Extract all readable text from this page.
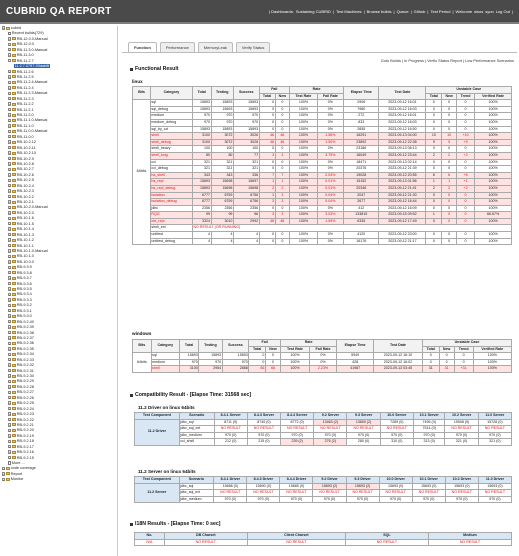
CUBRID QA REPORT	| Dashboards: Sustaining CUBRID | Test Machines | Browse builds | Queue | Github | Test Period | Welcome sisos syun Log Out |
+ cubrid
Recent builds(729)
+ RB-12.0.0-Manual
+ RB-12.0.0
+ RB-11.3.0-Manual
+ RB-11.3.0
− RB-11.2.7
11.2.7.0797-93dab8f
+ RB-11.2.6
+ RB-11.2.5
+ RB-11.2.4-Manual
+ RB-11.2.4
+ RB-11.2.3-Manual
+ RB-11.2.3
+ RB-11.2.2
+ RB-11.2.1
+ RB-11.2.0
+ RB-11.1.0-Manual
+ RB-11.1.0
+ RB-11.0.0-Manual
+ RB-11.0.0
+ RB-10.2.12
+ RB-10.2.11
+ RB-10.2.10
+ RB-10.2.9
+ RB-10.2.8
+ RB-10.2.7
+ RB-10.2.6
+ RB-10.2.5
+ RB-10.2.4
+ RB-10.2.3
+ RB-10.2.2
+ RB-10.2.1
+ RB-10.2.0-Manual
+ RB-10.2.0
+ RB-10.1.6
+ RB-10.1.5
+ RB-10.1.4
+ RB-10.1.3
+ RB-10.1.2
+ RB-10.1.1
+ RB-10.1.0-Manual
+ RB-10.1.0
+ RB-10.0.0
+ RB-9.3.9
+ RB-9.3.8
+ RB-9.3.7
+ RB-9.3.6
+ RB-9.3.5
+ RB-9.3.4
+ RB-9.3.3
+ RB-9.3.2
+ RB-9.3.1
+ RB-9.3.0
+ RB-9.2.40
+ RB-9.2.39
+ RB-9.2.38
+ RB-9.2.37
+ RB-9.2.36
+ RB-9.2.35
+ RB-9.2.34
+ RB-9.2.33
+ RB-9.2.32
+ RB-9.2.31
+ RB-9.2.30
+ RB-9.2.29
+ RB-9.2.28
+ RB-9.2.27
+ RB-9.2.26
+ RB-9.2.25
+ RB-9.2.24
+ RB-9.2.23
+ RB-9.2.22
+ RB-9.2.21
+ RB-9.2.20
+ RB-9.2.19
+ RB-9.2.18
+ RB-9.2.17
+ RB-9.2.16
+ RB-9.2.15
More ...
+ code coverage
+ Report
+ Monitor
Function	Performance	MemoryLeak	Verify Status
Goto Builds | In Progress | Verfiu Status Report | Low Performance Scenarios
Functional Result
linux
Bits	Category	Total	Testing	Success	Fail		Rate		Elapse Time	Test Date	Unstable Case			
					Total	New	Test Rate	Fail Rate			Total	New	Trend	Verified Rate
64bits	sql	15893	15893	15893	0	0	100%	0%	2906	2023-09-12 16:01	0	0	0	100%
	sql_debug	15893	15893	15893	0	0	100%	0%	7980	2023-09-12 16:03	0	0	0	100%
	medium	970	970	970	0	0	100%	0%	272	2023-09-12 16:01	0	0	0	100%
	medium_debug	970	970	970	0	0	100%	0%	833	2023-09-12 16:03	0	0	0	100%
	sql_by_cci	15893	15893	15893	0	0	100%	0%	2655	2023-09-12 16:50	0	0	0	100%
	shell	3100	3072	3026	46	46	100%	1.56%	16291	2023-09-13 04:00	10	10	+10	100%
	shell_debug	3100	3072	3026	46	46	100%	1.50%	23892	2023-09-12 22:38	9	9	+9	100%
	shell_heavy	100	100	100	0	0	100%	0%	23186	2023-09-13 06:13	0	0	0	100%
	shell_long	80	80	77	3	3	100%	3.75%	16049	2023-09-12 23:44	2	2	+2	100%
	cci	321	321	321	0	0	100%	0%	18471	2023-09-13 02:14	0	0	0	100%
	cci_debug	321	321	321	0	0	100%	0%	20376	2023-09-12 21:39	0	0	0	100%
	ha_shell	343	343	336	7	7	100%	2.04%	19028	2023-09-12 20:55	6	6	+6	100%
	ha_repl	15893	15698	15697	1	1	100%	0.01%	15152	2023-09-13 01:56	1	1	+1	100%
	ha_repl_debug	15893	15698	15698	2	2	100%	0.01%	20346	2023-09-12 21:41	2	2	+2	100%
	isolation	6777	6759	6756	3	3	100%	0.04%	2047	2023-09-12 21:30	0	0	0	100%
	isolation_debug	6777	6759	6756	3	3	100%	0.04%	2677	2023-09-12 16:44	0	0	0	100%
	jdbc	2356	2356	2356	0	0	100%	0%	412	2023-09-12 16:09	0	0	0	100%
	RQG	99	99	96	3	3	100%	3.03%	133815	2023-09-15 09:52	1	0	0	66.67%
	cbr_repl	3324	3010	2992	48	48	100%	1.59%	6335	2023-09-12 17:49	0	0	0	100%
	shell_ext	NO RESULT (OR RUNNING)												
	unittest	4	4	4	0	0	100%	0%	4120	2023-09-12 23:00	0	0	0	100%
	unittest_debug	4	4	4	0	0	100%	0%	16176	2023-09-12 21:17	0	0	0	100%
windows
Bits	Category	Total	Testing	Success	Fail		Rate		Elapse Time	Test Date	Unstable Case			
					Total	New	Test Rate	Fail Rate			Total	New	Trend	Verified Rate
64bits	sql	15893	15893	15893	0	0	100%	0%	5949	2023-09-12 16:10	0	0	0	100%
	medium	970	970	970	0	0	100%	0%	428	2023-09-12 16:02	0	0	0	100%
	shell	3100	2954	2888	66	66	100%	2.23%	41987	2023-09-13 03:45	31	31	+31	100%
Compatibility Result - [Elapse Time: 31568 sec]
11.2 Driver on linux 64bits
Test Component	Scenario	8.4.1 Server	8.4.3 Server	8.4.4 Server	9.2 Server	9.3 Server	10.0 Server	10.1 Server	10.2 Server	11.0 Server
11.2 Driver	jdbc_sql	8711 (0)	8740 (0)	8772 (0)	13463 (2)	13800 (2)	7289 (0)	7495 (0)	15508 (0)	15728 (0)
	jdbc_sql_ext	NO RESULT	NO RESULT	NO RESULT	NO RESULT	NO RESULT	NO RESULT	7514 (0)	NO RESULT	NO RESULT
	jdbc_medium	970 (0)	970 (0)	970 (0)	970 (0)	970 (0)	970 (0)	970 (0)	970 (0)	970 (0)
	cci_shell	212 (0)	215 (0)	239 (2)	276 (2)	280 (0)	310 (0)	313 (0)	321 (0)	321 (0)
11.2 Server on linux 64bits
Test Component	Scenario	8.4.1 Driver	8.4.3 Driver	8.4.4 Driver	9.2 Driver	9.3 Driver	10.0 Driver	10.1 Driver	10.2 Driver	11.0 Driver
11.2 Server	jdbc_sql	15688 (0)	15690 (0)	15685 (0)	15693 (2)	15693 (2)	15693 (0)	15693 (0)	15693 (0)	15693 (0)
	jdbc_sql_ext	NO RESULT	NO RESULT	NO RESULT	NO RESULT	NO RESULT	NO RESULT	NO RESULT	NO RESULT	NO RESULT
	jdbc_medium	970 (0)	970 (0)	970 (0)	970 (0)	970 (0)	970 (0)	970 (0)	970 (0)	970 (0)
I18N Results - [Elapse Time: 0 sec]
No.	DB Charset	Client Charset	SQL	Medium
N/A	NO RESULT	NO RESULT	NO RESULT	NO RESULT
